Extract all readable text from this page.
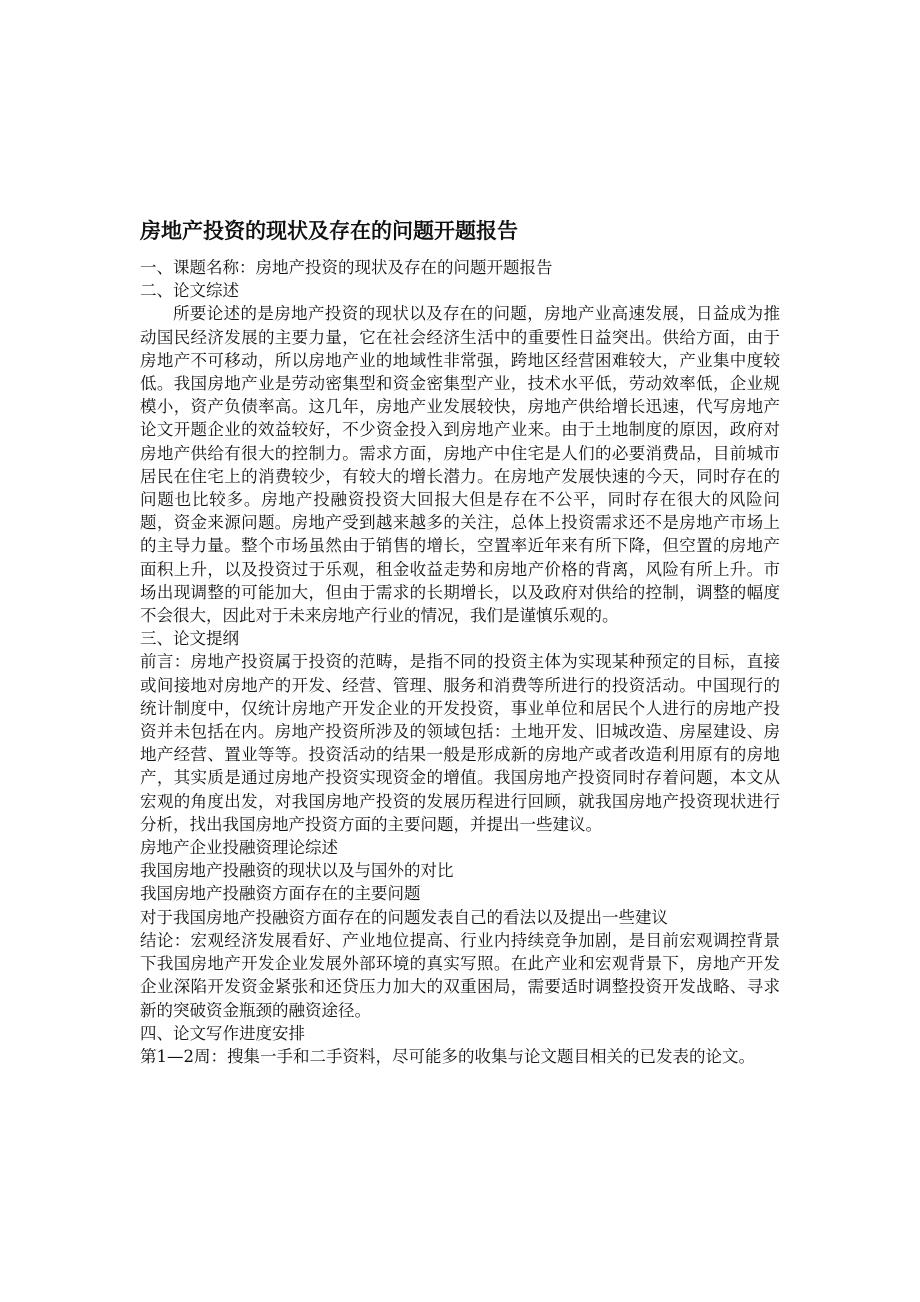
房地产投资的现状及存在的问题开题报告

一、课题名称：房地产投资的现状及存在的问题开题报告

二、论文综述

所要论述的是房地产投资的现状以及存在的问题，房地产业高速发展，日益成为推动国民经济发展的主要力量，它在社会经济生活中的重要性日益突出。供给方面，由于房地产不可移动，所以房地产业的地域性非常强，跨地区经营困难较大，产业集中度较低。我国房地产业是劳动密集型和资金密集型产业，技术水平低，劳动效率低，企业规模小，资产负债率高。这几年，房地产业发展较快，房地产供给增长迅速，代写房地产论文开题企业的效益较好，不少资金投入到房地产业来。由于土地制度的原因，政府对房地产供给有很大的控制力。需求方面，房地产中住宅是人们的必要消费品，目前城市居民在住宅上的消费较少，有较大的增长潜力。在房地产发展快速的今天，同时存在的问题也比较多。房地产投融资投资大回报大但是存在不公平，同时存在很大的风险问题，资金来源问题。房地产受到越来越多的关注，总体上投资需求还不是房地产市场上的主导力量。整个市场虽然由于销售的增长，空置率近年来有所下降，但空置的房地产面积上升，以及投资过于乐观，租金收益走势和房地产价格的背离，风险有所上升。市场出现调整的可能加大，但由于需求的长期增长，以及政府对供给的控制，调整的幅度不会很大，因此对于未来房地产行业的情况，我们是谨慎乐观的。

三、论文提纲

前言：房地产投资属于投资的范畴，是指不同的投资主体为实现某种预定的目标，直接或间接地对房地产的开发、经营、管理、服务和消费等所进行的投资活动。中国现行的统计制度中，仅统计房地产开发企业的开发投资，事业单位和居民个人进行的房地产投资并未包括在内。房地产投资所涉及的领域包括：土地开发、旧城改造、房屋建设、房地产经营、置业等等。投资活动的结果一般是形成新的房地产或者改造利用原有的房地产，其实质是通过房地产投资实现资金的增值。我国房地产投资同时存着问题，本文从宏观的角度出发，对我国房地产投资的发展历程进行回顾，就我国房地产投资现状进行分析，找出我国房地产投资方面的主要问题，并提出一些建议。

房地产企业投融资理论综述

我国房地产投融资的现状以及与国外的对比

我国房地产投融资方面存在的主要问题

对于我国房地产投融资方面存在的问题发表自己的看法以及提出一些建议

结论：宏观经济发展看好、产业地位提高、行业内持续竞争加剧，是目前宏观调控背景下我国房地产开发企业发展外部环境的真实写照。在此产业和宏观背景下，房地产开发企业深陷开发资金紧张和还贷压力加大的双重困局，需要适时调整投资开发战略、寻求新的突破资金瓶颈的融资途径。

四、论文写作进度安排

第1—2周：搜集一手和二手资料，尽可能多的收集与论文题目相关的已发表的论文。
